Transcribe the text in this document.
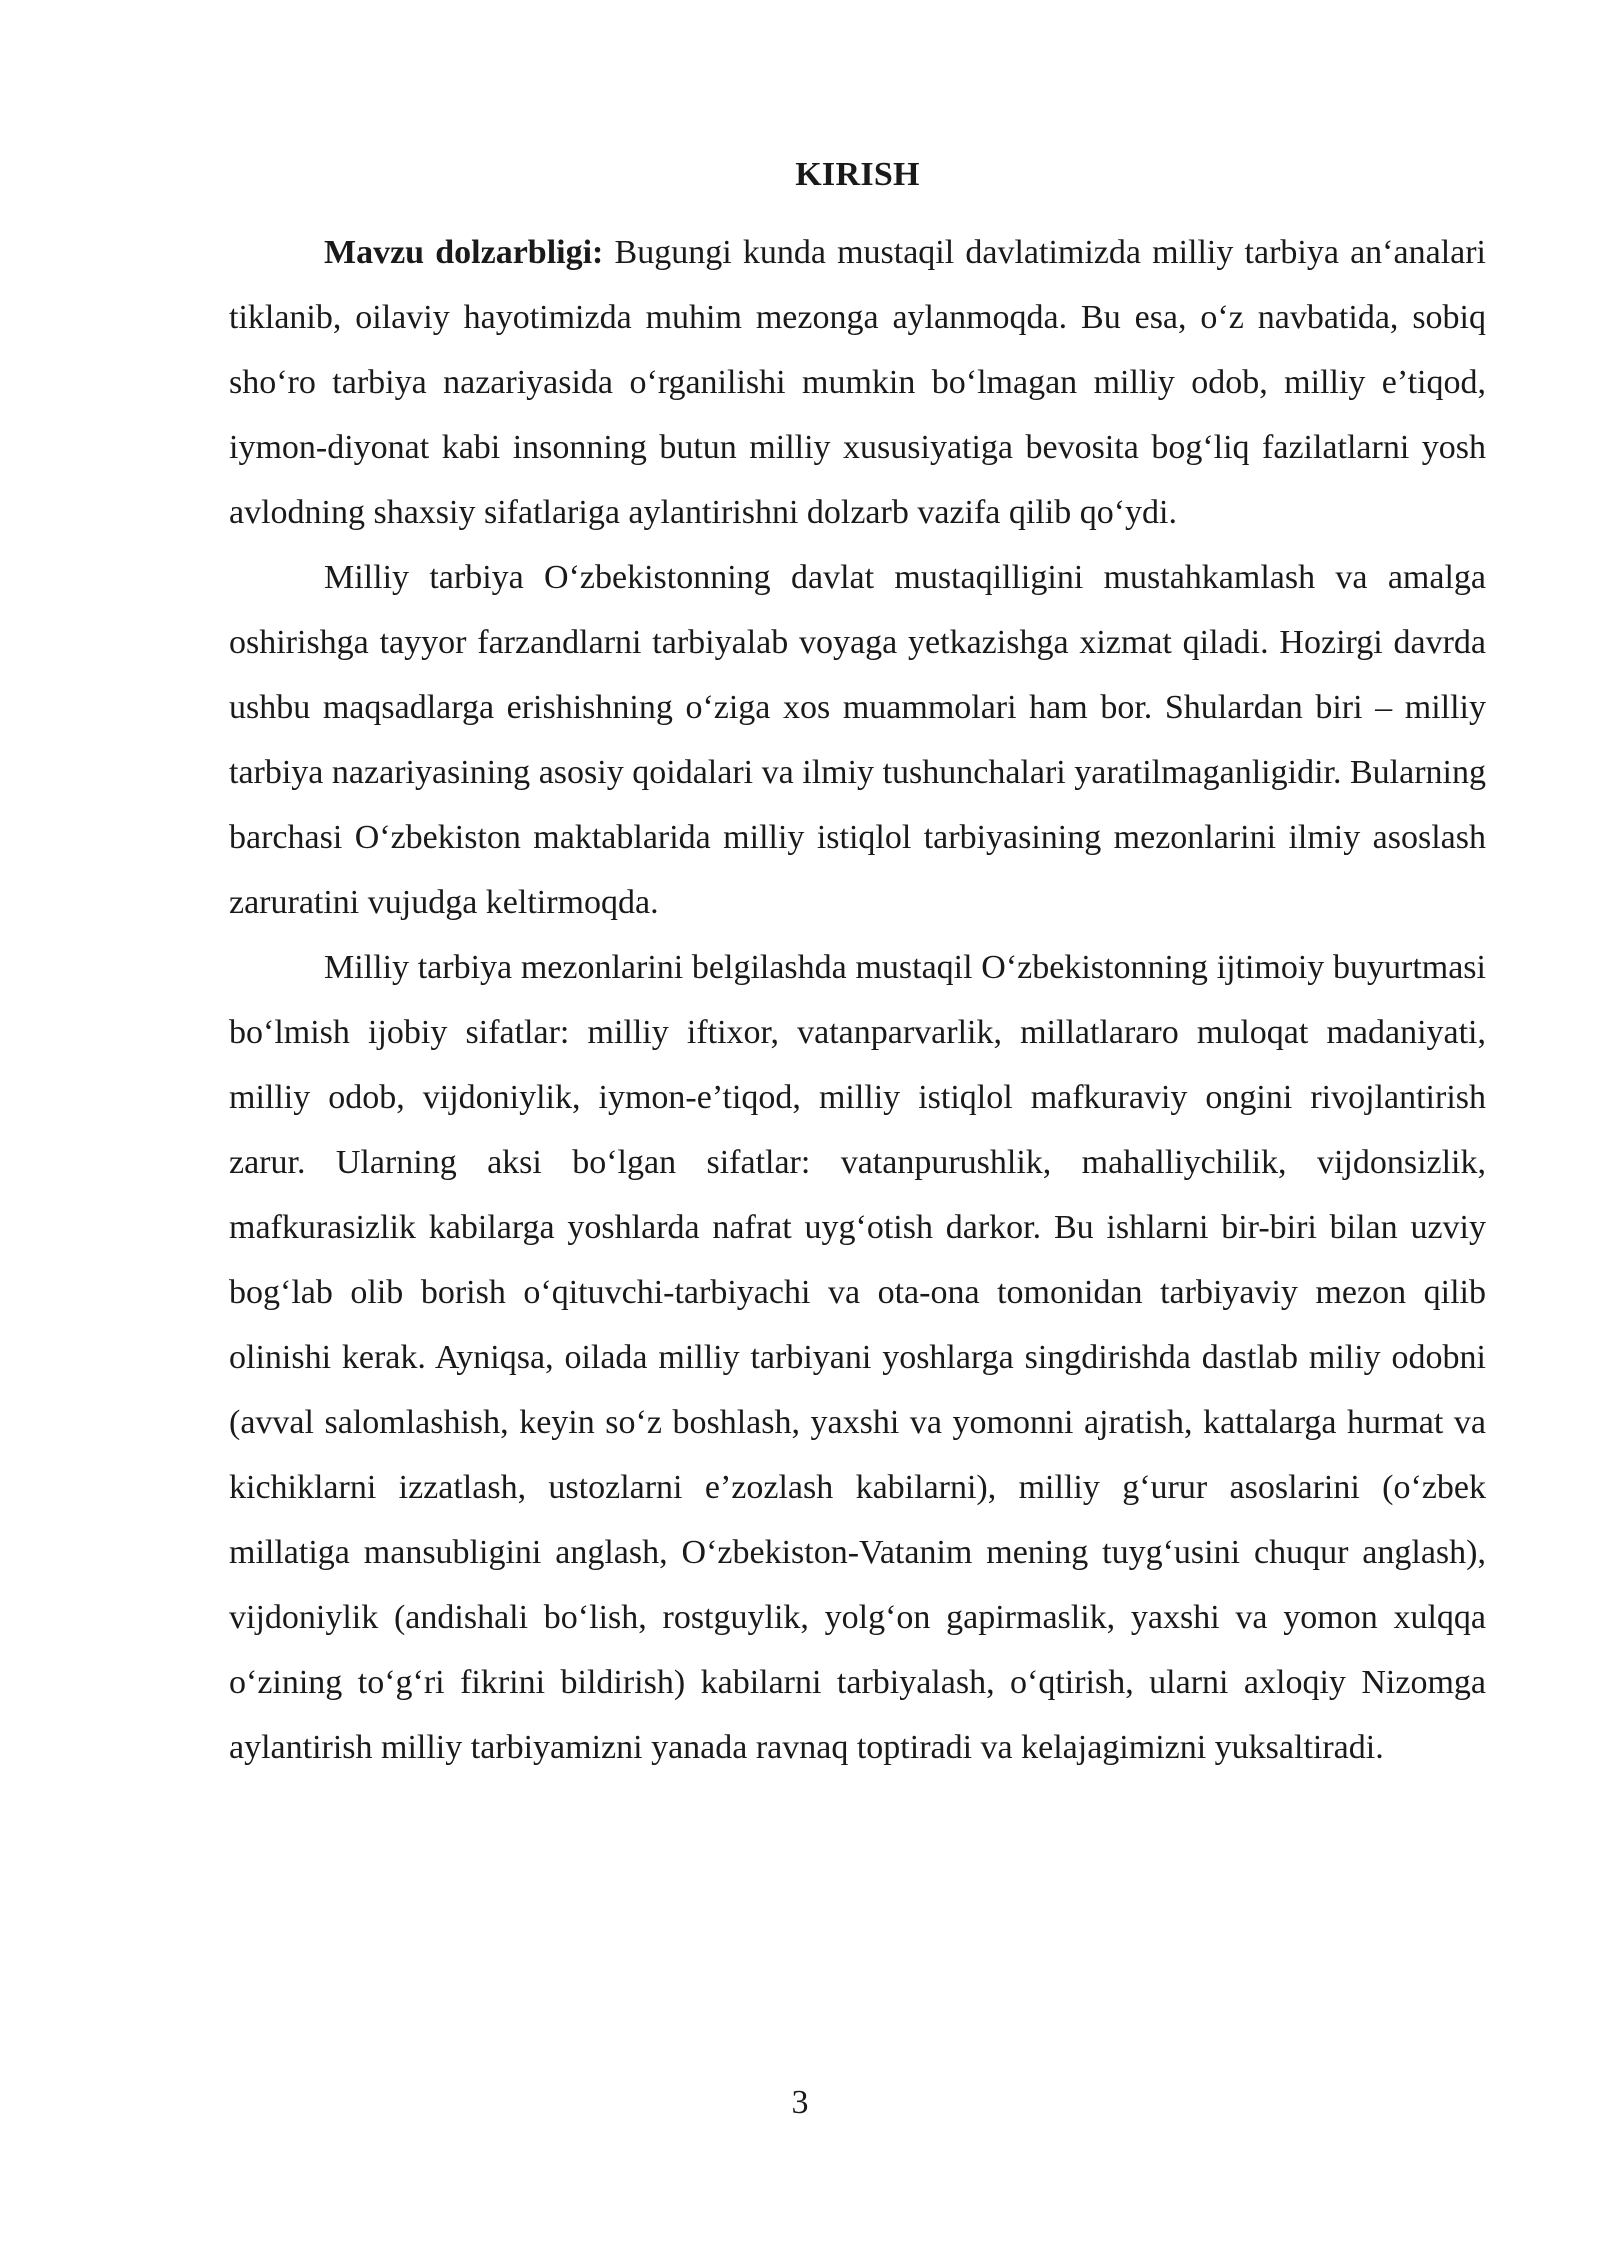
KIRISH

Mavzu dolzarbligi: Bugungi kunda mustaqil davlatimizda milliy tarbiya an‘analari tiklanib, oilaviy hayotimizda muhim mezonga aylanmoqda. Bu esa, o‘z navbatida, sobiq sho‘ro tarbiya nazariyasida o‘rganilishi mumkin bo‘lmagan milliy odob, milliy e’tiqod, iymon-diyonat kabi insonning butun milliy xususiyatiga bevosita bog‘liq fazilatlarni yosh avlodning shaxsiy sifatlariga aylantirishni dolzarb vazifa qilib qo‘ydi.

Milliy tarbiya O‘zbekistonning davlat mustaqilligini mustahkamlash va amalga oshirishga tayyor farzandlarni tarbiyalab voyaga yetkazishga xizmat qiladi. Hozirgi davrda ushbu maqsadlarga erishishning o‘ziga xos muammolari ham bor. Shulardan biri – milliy tarbiya nazariyasining asosiy qoidalari va ilmiy tushunchalari yaratilmaganligidir. Bularning barchasi O‘zbekiston maktablarida milliy istiqlol tarbiyasining mezonlarini ilmiy asoslash zaruratini vujudga keltirmoqda.

Milliy tarbiya mezonlarini belgilashda mustaqil O‘zbekistonning ijtimoiy buyurtmasi bo‘lmish ijobiy sifatlar: milliy iftixor, vatanparvarlik, millatlararo muloqat madaniyati, milliy odob, vijdoniylik, iymon-e’tiqod, milliy istiqlol mafkuraviy ongini rivojlantirish zarur. Ularning aksi bo‘lgan sifatlar: vatanpurushlik, mahalliychilik, vijdonsizlik, mafkurasizlik kabilarga yoshlarda nafrat uyg‘otish darkor. Bu ishlarni bir-biri bilan uzviy bog‘lab olib borish o‘qituvchi-tarbiyachi va ota-ona tomonidan tarbiyaviy mezon qilib olinishi kerak. Ayniqsa, oilada milliy tarbiyani yoshlarga singdirishda dastlab miliy odobni (avval salomlashish, keyin so‘z boshlash, yaxshi va yomonni ajratish, kattalarga hurmat va kichiklarni izzatlash, ustozlarni e’zozlash kabilarni), milliy g‘urur asoslarini (o‘zbek millatiga mansubligini anglash, O‘zbekiston-Vatanim mening tuyg‘usini chuqur anglash), vijdoniylik (andishali bo‘lish, rostguylik, yolg‘on gapirmaslik, yaxshi va yomon xulqqa o‘zining to‘g‘ri fikrini bildirish) kabilarni tarbiyalash, o‘qtirish, ularni axloqiy Nizomga aylantirish milliy tarbiyamizni yanada ravnaq toptiradi va kelajagimizni yuksaltiradi.

3
